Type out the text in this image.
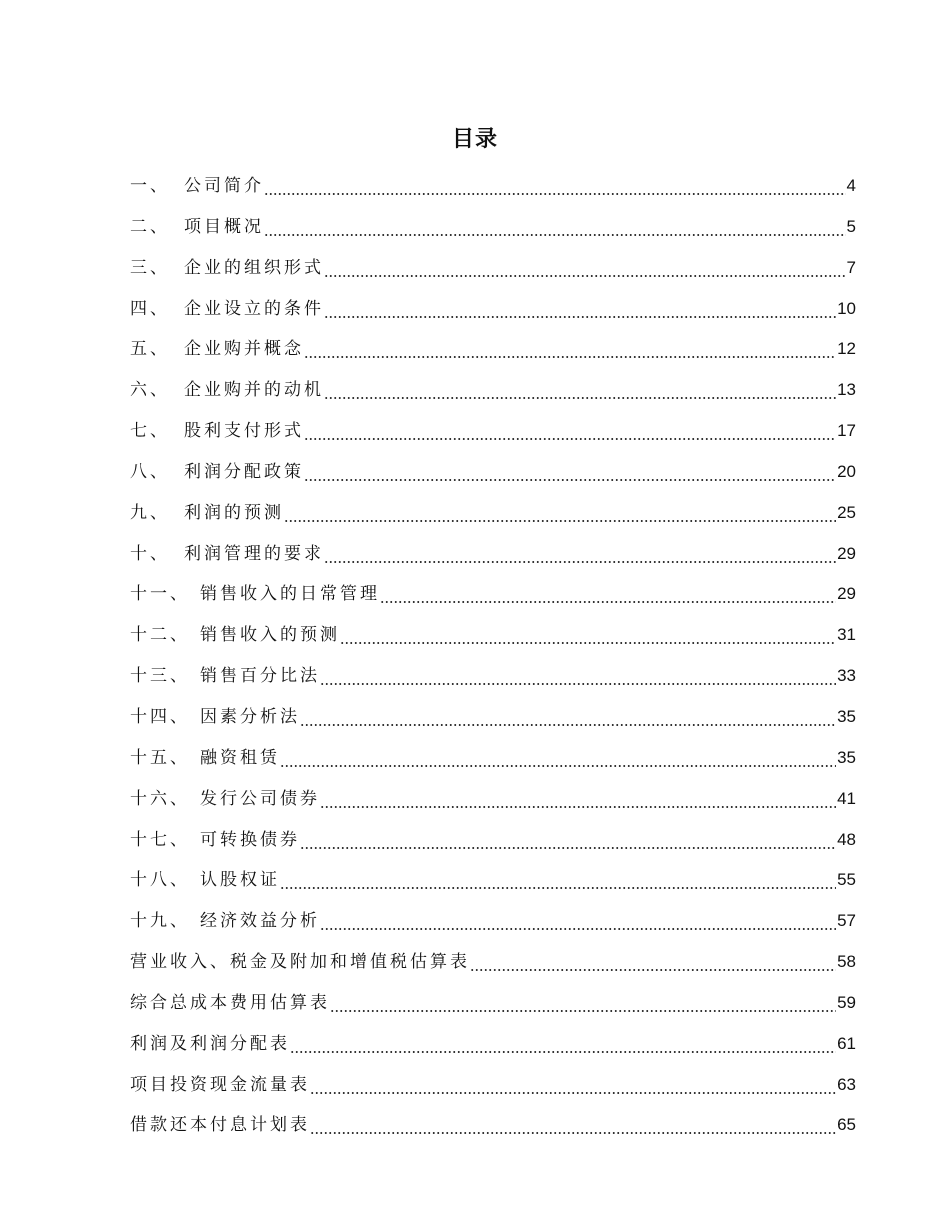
目录
一、 公司简介	4
二、 项目概况	5
三、 企业的组织形式	7
四、 企业设立的条件	10
五、 企业购并概念	12
六、 企业购并的动机	13
七、 股利支付形式	17
八、 利润分配政策	20
九、 利润的预测	25
十、 利润管理的要求	29
十一、 销售收入的日常管理	29
十二、 销售收入的预测	31
十三、 销售百分比法	33
十四、 因素分析法	35
十五、 融资租赁	35
十六、 发行公司债券	41
十七、 可转换债券	48
十八、 认股权证	55
十九、 经济效益分析	57
营业收入、税金及附加和增值税估算表	58
综合总成本费用估算表	59
利润及利润分配表	61
项目投资现金流量表	63
借款还本付息计划表	65
